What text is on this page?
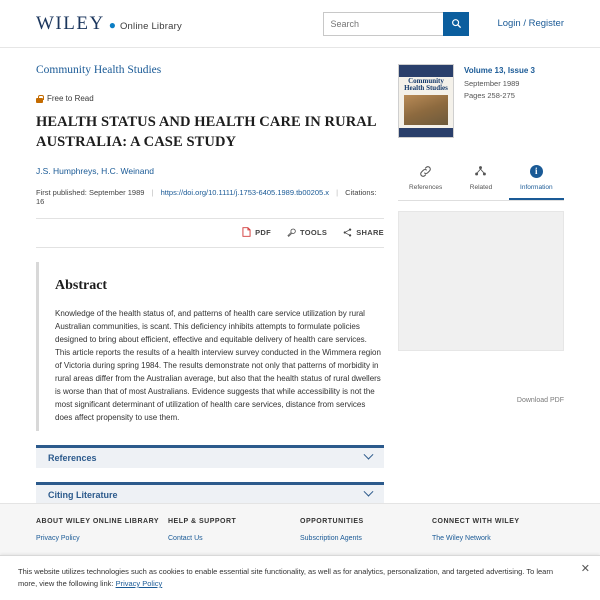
WILEY ● Online Library
Search	Login / Register
Community Health Studies
Free to Read
HEALTH STATUS AND HEALTH CARE IN RURAL AUSTRALIA: A CASE STUDY
J.S. Humphreys, H.C. Weinand
First published: September 1989 | https://doi.org/10.1111/j.1753-6405.1989.tb00205.x | Citations: 16
PDF	TOOLS	SHARE
Abstract

Knowledge of the health status of, and patterns of health care service utilization by rural Australian communities, is scant. This deficiency inhibits attempts to formulate policies designed to bring about efficient, effective and equitable delivery of health care services. This article reports the results of a health interview survey conducted in the Wimmera region of Victoria during spring 1984. The results demonstrate not only that patterns of morbidity in rural areas differ from the Australian average, but also that the health status of rural dwellers is worse than that of most Australians. Evidence suggests that while accessibility is not the most significant determinant of utilization of health care services, distance from services does affect propensity to use them.

References
Citing Literature
Community Health Studies
Volume 13, Issue 3
September 1989
Pages 258-275
References	Related
i
Information
Download PDF
ABOUT WILEY ONLINE LIBRARY
Privacy Policy
HELP & SUPPORT
Contact Us
OPPORTUNITIES
Subscription Agents
CONNECT WITH WILEY
The Wiley Network
This website utilizes technologies such as cookies to enable essential site functionality, as well as for analytics, personalization, and targeted advertising. To learn more, view the following link: Privacy Policy
✕
